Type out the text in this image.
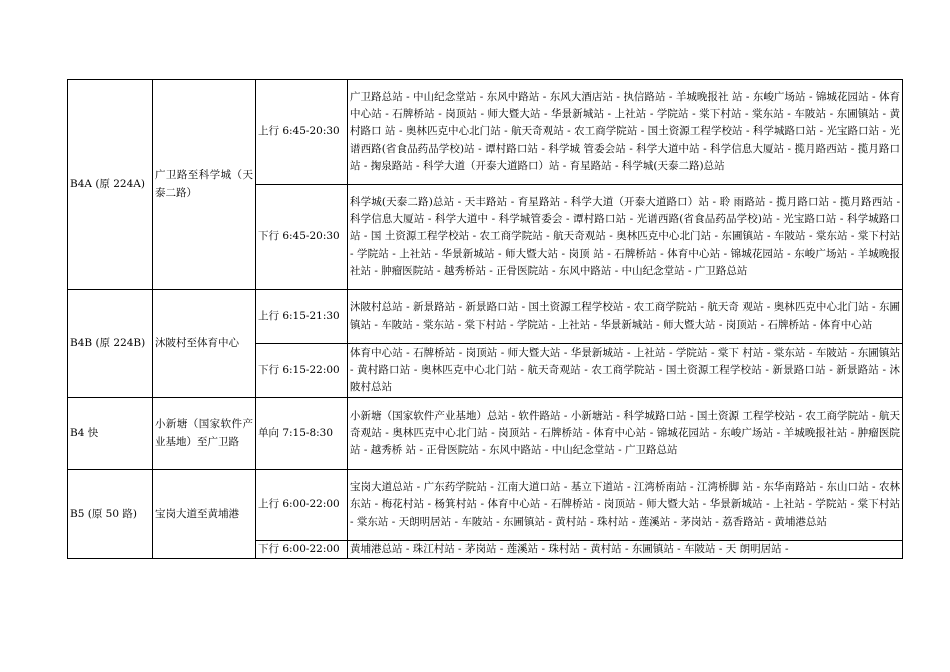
B4A (原 224A)	广卫路至科学城（天泰二路）	上行 6:45-20:30	广卫路总站 - 中山纪念堂站 - 东风中路站 - 东风大酒店站 - 执信路站 - 羊城晚报社 站 - 东峻广场站 - 锦城花园站 - 体育中心站 - 石牌桥站 - 岗顶站 - 师大暨大站 - 华景新城站 - 上社站 - 学院站 - 棠下村站 - 棠东站 - 车陂站 - 东圃镇站 - 黄村路口 站 - 奥林匹克中心北门站 - 航天奇观站 - 农工商学院站 - 国土资源工程学校站 - 科学城路口站 - 光宝路口站 - 光谱西路(省食品药品学校)站 - 谭村路口站 - 科学城 管委会站 - 科学大道中站 - 科学信息大厦站 - 揽月路西站 - 揽月路口站 - 掬泉路站 - 科学大道（开泰大道路口）站 - 育星路站 - 科学城(天泰二路)总站
		下行 6:45-20:30	科学城(天泰二路)总站 - 天丰路站 - 育星路站 - 科学大道（开泰大道路口）站 - 聆 雨路站 - 揽月路口站 - 揽月路西站 - 科学信息大厦站 - 科学大道中 - 科学城管委会 - 谭村路口站 - 光谱西路(省食品药品学校)站 - 光宝路口站 - 科学城路口站 - 国 土资源工程学校站 - 农工商学院站 - 航天奇观站 - 奥林匹克中心北门站 - 东圃镇站 - 车陂站 - 棠东站 - 棠下村站 - 学院站 - 上社站 - 华景新城站 - 师大暨大站 - 岗顶 站 - 石牌桥站 - 体育中心站 - 锦城花园站 - 东峻广场站 - 羊城晚报社站 - 肿瘤医院站 - 越秀桥站 - 正骨医院站 - 东风中路站 - 中山纪念堂站 - 广卫路总站
B4B (原 224B)	沐陂村至体育中心	上行 6:15-21:30	沐陂村总站 - 新景路站 - 新景路口站 - 国土资源工程学校站 - 农工商学院站 - 航天奇 观站 - 奥林匹克中心北门站 - 东圃镇站 - 车陂站 - 棠东站 - 棠下村站 - 学院站 - 上社站 - 华景新城站 - 师大暨大站 - 岗顶站 - 石牌桥站 - 体育中心站
		下行 6:15-22:00	体育中心站 - 石牌桥站 - 岗顶站 - 师大暨大站 - 华景新城站 - 上社站 - 学院站 - 棠下 村站 - 棠东站 - 车陂站 - 东圃镇站 - 黄村路口站 - 奥林匹克中心北门站 - 航天奇观站 - 农工商学院站 - 国土资源工程学校站 - 新景路口站 - 新景路站 - 沐陂村总站
B4 快	小新塘（国家软件产业基地）至广卫路	单向 7:15-8:30	小新塘（国家软件产业基地）总站 - 软件路站 - 小新塘站 - 科学城路口站 - 国土资源 工程学校站 - 农工商学院站 - 航天奇观站 - 奥林匹克中心北门站 - 岗顶站 - 石牌桥站 - 体育中心站 - 锦城花园站 - 东峻广场站 - 羊城晚报社站 - 肿瘤医院站 - 越秀桥 站 - 正骨医院站 - 东风中路站 - 中山纪念堂站 - 广卫路总站
B5 (原 50 路)	宝岗大道至黄埔港	上行 6:00-22:00	宝岗大道总站 - 广东药学院站 - 江南大道口站 - 基立下道站 - 江湾桥南站 - 江湾桥脚 站 - 东华南路站 - 东山口站 - 农林东站 - 梅花村站 - 杨箕村站 - 体育中心站 - 石牌桥站 - 岗顶站 - 师大暨大站 - 华景新城站 - 上社站 - 学院站 - 棠下村站 - 棠东站 - 天朗明居站 - 车陂站 - 东圃镇站 - 黄村站 - 珠村站 - 莲溪站 - 茅岗站 - 荔香路站 - 黄埔港总站
		下行 6:00-22:00	黄埔港总站 - 珠江村站 - 茅岗站 - 莲溪站 - 珠村站 - 黄村站 - 东圃镇站 - 车陂站 - 天 朗明居站 -
